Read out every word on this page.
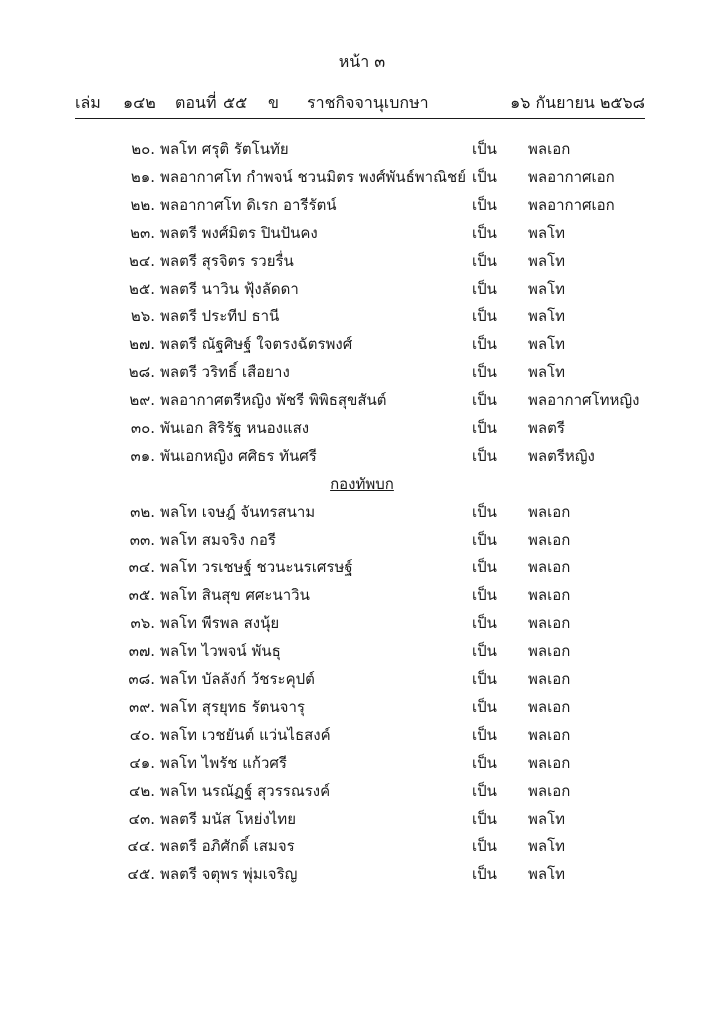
หน้า ๓
เล่ม ๑๔๒ ตอนที่ ๕๕ ข ราชกิจจานุเบกษา	๑๖ กันยายน ๒๕๖๘
๒๐. พลโท ศรุติ รัตโนทัย	เป็น พลเอก
๒๑. พลอากาศโท กำพจน์ ชวนมิตร พงศ์พันธ์พาณิชย์ เป็น พลอากาศเอก
๒๒. พลอากาศโท ดิเรก อารีรัตน์	เป็น พลอากาศเอก
๒๓. พลตรี พงศ์มิตร ปินปันคง	เป็น พลโท
๒๔. พลตรี สุรจิตร รวยรื่น	เป็น พลโท
๒๕. พลตรี นาวิน ฟุ้งลัดดา	เป็น พลโท
๒๖. พลตรี ประทีป ธานี	เป็น พลโท
๒๗. พลตรี ณัฐศิษฐ์ ใจตรงฉัตรพงศ์	เป็น พลโท
๒๘. พลตรี วริทธิ์ เสือยาง	เป็น พลโท
๒๙. พลอากาศตรีหญิง พัชรี พิพิธสุขสันต์	เป็น พลอากาศโทหญิง
๓๐. พันเอก สิริรัฐ หนองแสง	เป็น พลตรี
๓๑. พันเอกหญิง ศศิธร ทันศรี	เป็น พลตรีหญิง
กองทัพบก
๓๒. พลโท เจษฎ์ จันทรสนาม	เป็น พลเอก
๓๓. พลโท สมจริง กอรี	เป็น พลเอก
๓๔. พลโท วรเชษฐ์ ชวนะนรเศรษฐ์	เป็น พลเอก
๓๕. พลโท สินสุข ศศะนาวิน	เป็น พลเอก
๓๖. พลโท พีรพล สงนุ้ย	เป็น พลเอก
๓๗. พลโท ไวพจน์ พันธุ	เป็น พลเอก
๓๘. พลโท บัลลังก์ วัชระคุปต์	เป็น พลเอก
๓๙. พลโท สุรยุทธ รัตนจารุ	เป็น พลเอก
๔๐. พลโท เวชยันต์ แว่นไธสงค์	เป็น พลเอก
๔๑. พลโท ไพรัช แก้วศรี	เป็น พลเอก
๔๒. พลโท นรณัฏฐ์ สุวรรณรงค์	เป็น พลเอก
๔๓. พลตรี มนัส โหย่งไทย	เป็น พลโท
๔๔. พลตรี อภิศักดิ์ เสมจร	เป็น พลโท
๔๕. พลตรี จตุพร พุ่มเจริญ	เป็น พลโท
